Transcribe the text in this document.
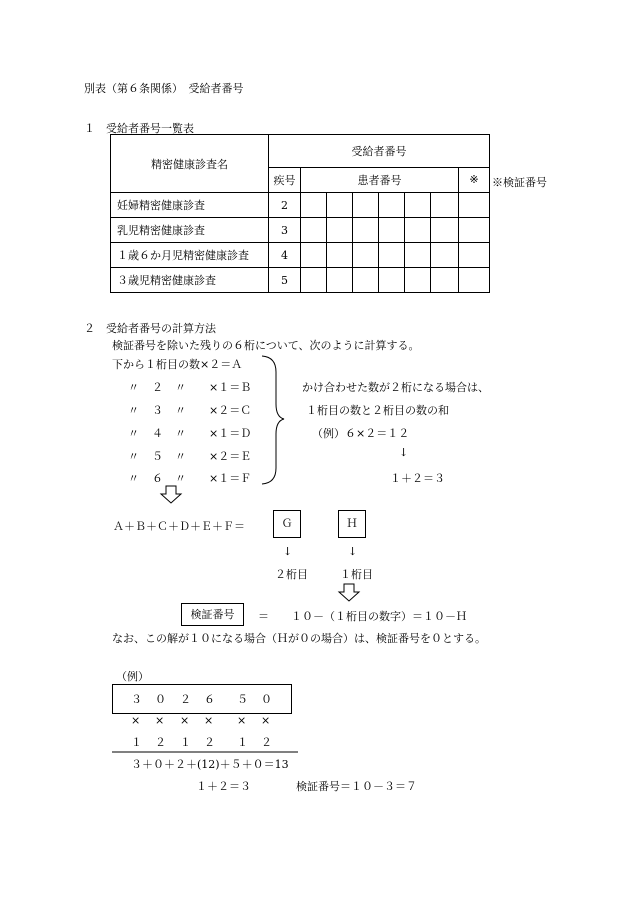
別表（第６条関係）　受給者番号
１　受給者番号一覧表
精密健康診査名	受給者番号							
	疾号	患者番号						※
妊婦精密健康診査	2							
乳児精密健康診査	3							
１歳６か月児精密健康診査	4							
３歳児精密健康診査	5							
※検証番号
２　受給者番号の計算方法
検証番号を除いた残りの６桁について、次のように計算する。
下から１桁目の数×２＝Ａ
〃 ２ 〃 ×１＝Ｂ
〃 ３ 〃 ×２＝Ｃ
〃 ４ 〃 ×１＝Ｄ
〃 ５ 〃 ×２＝Ｅ
〃 ６ 〃 ×１＝Ｆ
かけ合わせた数が２桁になる場合は、
１桁目の数と２桁目の数の和
（例）６×２＝１２
↓
１＋２＝３
Ａ＋Ｂ＋Ｃ＋Ｄ＋Ｅ＋Ｆ＝	Ｇ	Ｈ
↓	↓
２桁目	１桁目
検証番号	＝　　１０－（１桁目の数字）＝１０－Ｈ
なお、この解が１０になる場合（Ｈが０の場合）は、検証番号を０とする。
（例）
３ ０ ２ ６ ５ ０
× × × × × ×
１ ２ １ ２ １ ２
３＋０＋２＋(12)＋５＋０＝13
１＋２＝３	検証番号＝１０－３＝７
